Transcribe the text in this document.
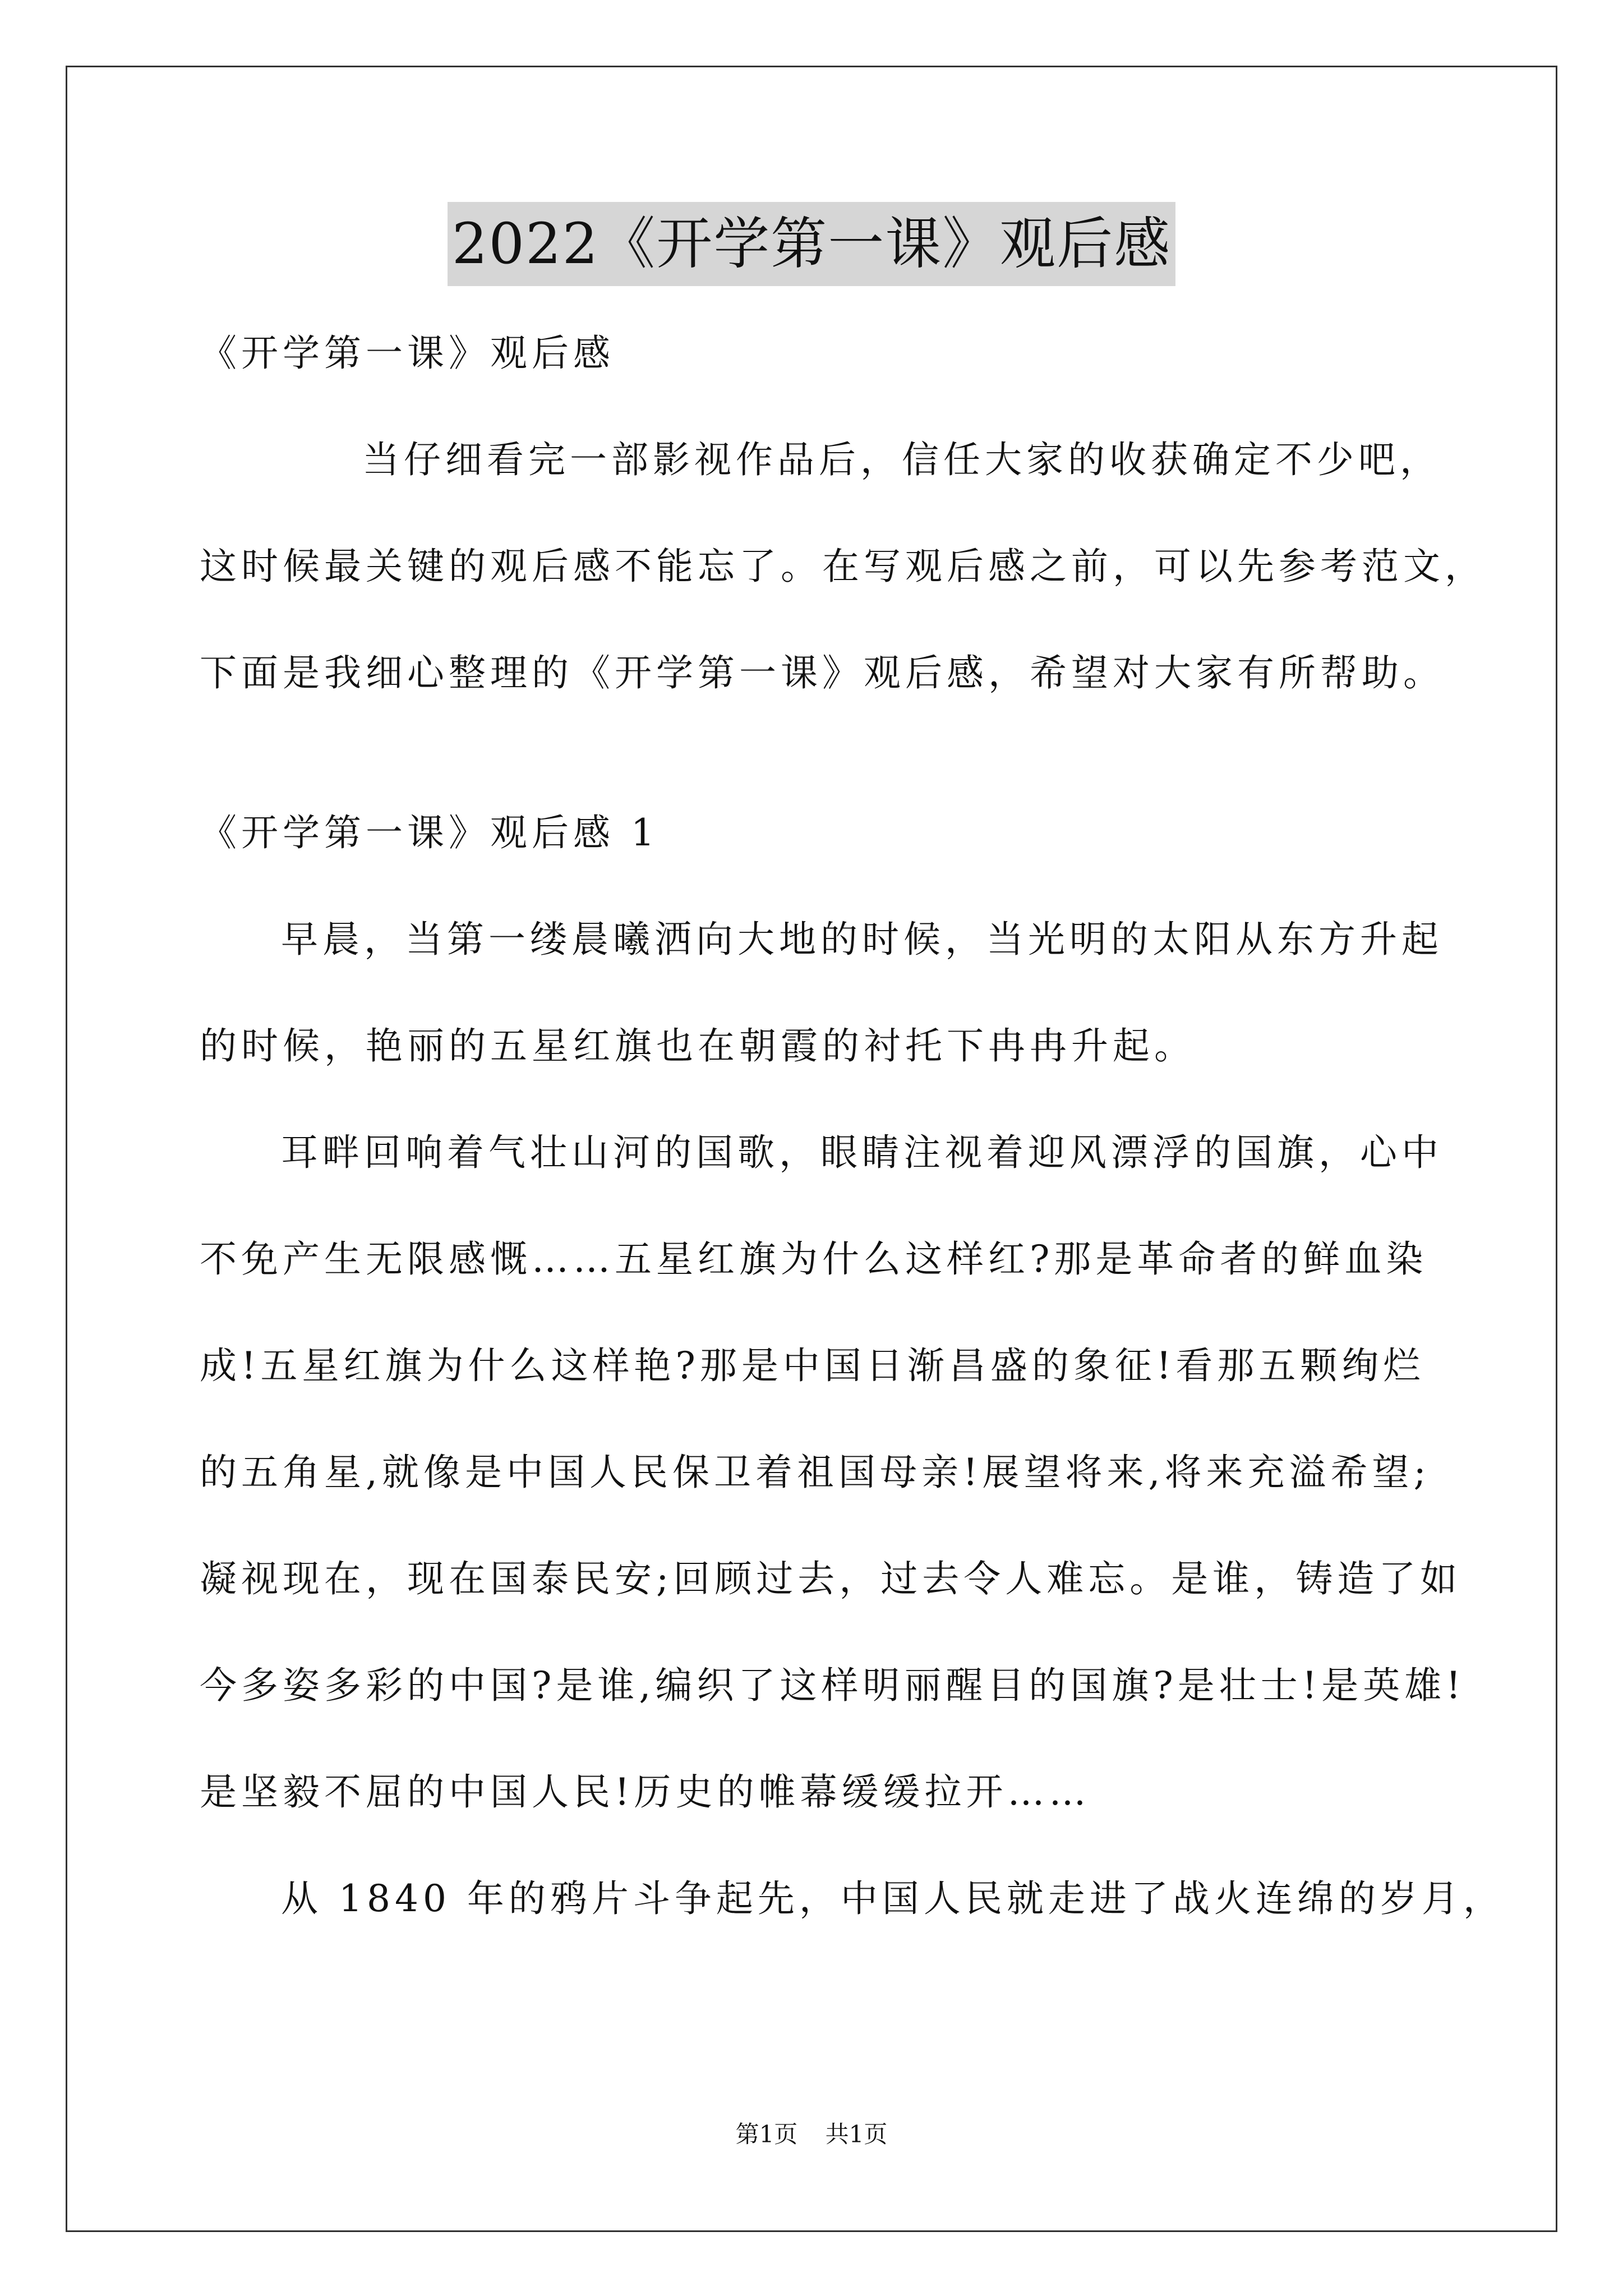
2022《开学第一课》观后感
《开学第一课》观后感
当仔细看完一部影视作品后，信任大家的收获确定不少吧，
这时候最关键的观后感不能忘了。在写观后感之前，可以先参考范文，
下面是我细心整理的《开学第一课》观后感，希望对大家有所帮助。
《开学第一课》观后感 1
早晨，当第一缕晨曦洒向大地的时候，当光明的太阳从东方升起
的时候，艳丽的五星红旗也在朝霞的衬托下冉冉升起。
耳畔回响着气壮山河的国歌，眼睛注视着迎风漂浮的国旗，心中
不免产生无限感慨……五星红旗为什么这样红?那是革命者的鲜血染
成!五星红旗为什么这样艳?那是中国日渐昌盛的象征!看那五颗绚烂
的五角星,就像是中国人民保卫着祖国母亲!展望将来,将来充溢希望;
凝视现在，现在国泰民安;回顾过去，过去令人难忘。是谁，铸造了如
今多姿多彩的中国?是谁,编织了这样明丽醒目的国旗?是壮士!是英雄!
是坚毅不屈的中国人民!历史的帷幕缓缓拉开……
从 1840 年的鸦片斗争起先，中国人民就走进了战火连绵的岁月，
第1页 共1页
